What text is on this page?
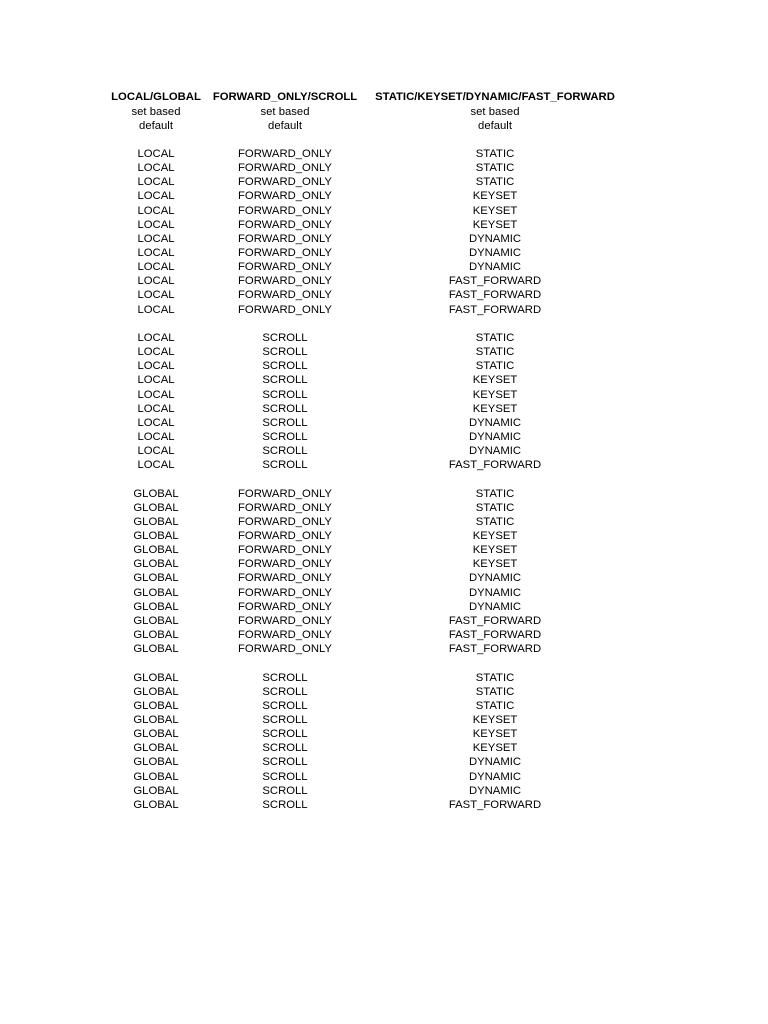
LOCAL/GLOBAL FORWARD_ONLY/SCROLL STATIC/KEYSET/DYNAMIC/FAST_FORWARD
set based	set based	set based
default	default	default
LOCAL	FORWARD_ONLY	STATIC
LOCAL	FORWARD_ONLY	STATIC
LOCAL	FORWARD_ONLY	STATIC
LOCAL	FORWARD_ONLY	KEYSET
LOCAL	FORWARD_ONLY	KEYSET
LOCAL	FORWARD_ONLY	KEYSET
LOCAL	FORWARD_ONLY	DYNAMIC
LOCAL	FORWARD_ONLY	DYNAMIC
LOCAL	FORWARD_ONLY	DYNAMIC
LOCAL	FORWARD_ONLY	FAST_FORWARD
LOCAL	FORWARD_ONLY	FAST_FORWARD
LOCAL	FORWARD_ONLY	FAST_FORWARD
LOCAL	SCROLL	STATIC
LOCAL	SCROLL	STATIC
LOCAL	SCROLL	STATIC
LOCAL	SCROLL	KEYSET
LOCAL	SCROLL	KEYSET
LOCAL	SCROLL	KEYSET
LOCAL	SCROLL	DYNAMIC
LOCAL	SCROLL	DYNAMIC
LOCAL	SCROLL	DYNAMIC
LOCAL	SCROLL	FAST_FORWARD
GLOBAL	FORWARD_ONLY	STATIC
GLOBAL	FORWARD_ONLY	STATIC
GLOBAL	FORWARD_ONLY	STATIC
GLOBAL	FORWARD_ONLY	KEYSET
GLOBAL	FORWARD_ONLY	KEYSET
GLOBAL	FORWARD_ONLY	KEYSET
GLOBAL	FORWARD_ONLY	DYNAMIC
GLOBAL	FORWARD_ONLY	DYNAMIC
GLOBAL	FORWARD_ONLY	DYNAMIC
GLOBAL	FORWARD_ONLY	FAST_FORWARD
GLOBAL	FORWARD_ONLY	FAST_FORWARD
GLOBAL	FORWARD_ONLY	FAST_FORWARD
GLOBAL	SCROLL	STATIC
GLOBAL	SCROLL	STATIC
GLOBAL	SCROLL	STATIC
GLOBAL	SCROLL	KEYSET
GLOBAL	SCROLL	KEYSET
GLOBAL	SCROLL	KEYSET
GLOBAL	SCROLL	DYNAMIC
GLOBAL	SCROLL	DYNAMIC
GLOBAL	SCROLL	DYNAMIC
GLOBAL	SCROLL	FAST_FORWARD
